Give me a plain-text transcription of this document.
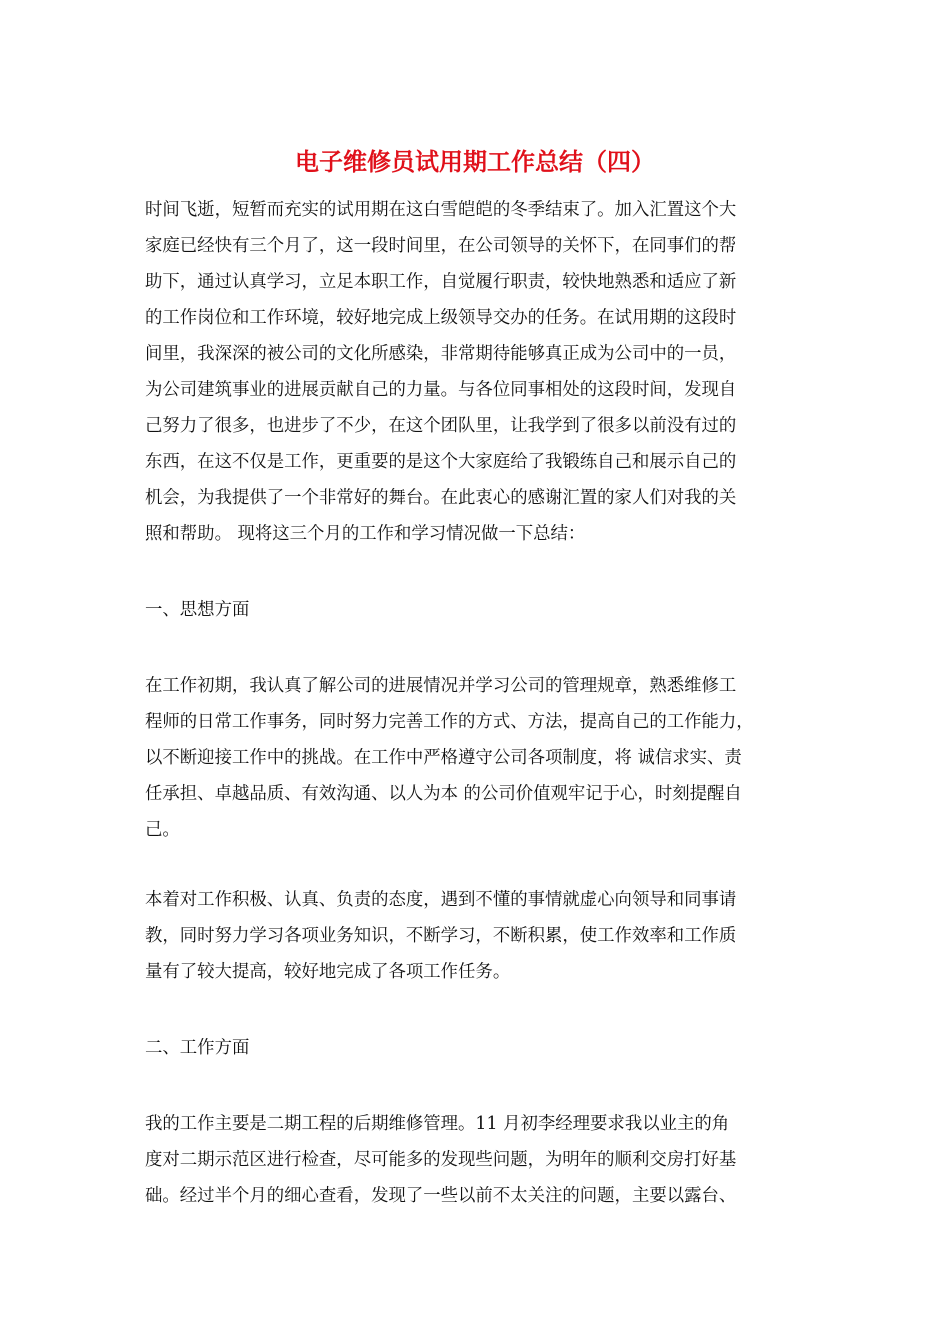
电子维修员试用期工作总结（四）

时间飞逝，短暂而充实的试用期在这白雪皑皑的冬季结束了。加入汇置这个大

家庭已经快有三个月了，这一段时间里，在公司领导的关怀下，在同事们的帮

助下，通过认真学习，立足本职工作，自觉履行职责，较快地熟悉和适应了新

的工作岗位和工作环境，较好地完成上级领导交办的任务。在试用期的这段时

间里，我深深的被公司的文化所感染，非常期待能够真正成为公司中的一员，

为公司建筑事业的进展贡献自己的力量。与各位同事相处的这段时间，发现自

己努力了很多，也进步了不少，在这个团队里，让我学到了很多以前没有过的

东西，在这不仅是工作，更重要的是这个大家庭给了我锻练自己和展示自己的

机会，为我提供了一个非常好的舞台。在此衷心的感谢汇置的家人们对我的关

照和帮助。 现将这三个月的工作和学习情况做一下总结：

一、思想方面

在工作初期，我认真了解公司的进展情况并学习公司的管理规章，熟悉维修工

程师的日常工作事务，同时努力完善工作的方式、方法，提高自己的工作能力，

以不断迎接工作中的挑战。在工作中严格遵守公司各项制度，将 诚信求实、责

任承担、卓越品质、有效沟通、以人为本 的公司价值观牢记于心，时刻提醒自

己。

本着对工作积极、认真、负责的态度，遇到不懂的事情就虚心向领导和同事请

教，同时努力学习各项业务知识，不断学习，不断积累，使工作效率和工作质

量有了较大提高，较好地完成了各项工作任务。

二、工作方面

我的工作主要是二期工程的后期维修管理。11 月初李经理要求我以业主的角

度对二期示范区进行检查，尽可能多的发现些问题，为明年的顺利交房打好基

础。经过半个月的细心查看，发现了一些以前不太关注的问题，主要以露台、
